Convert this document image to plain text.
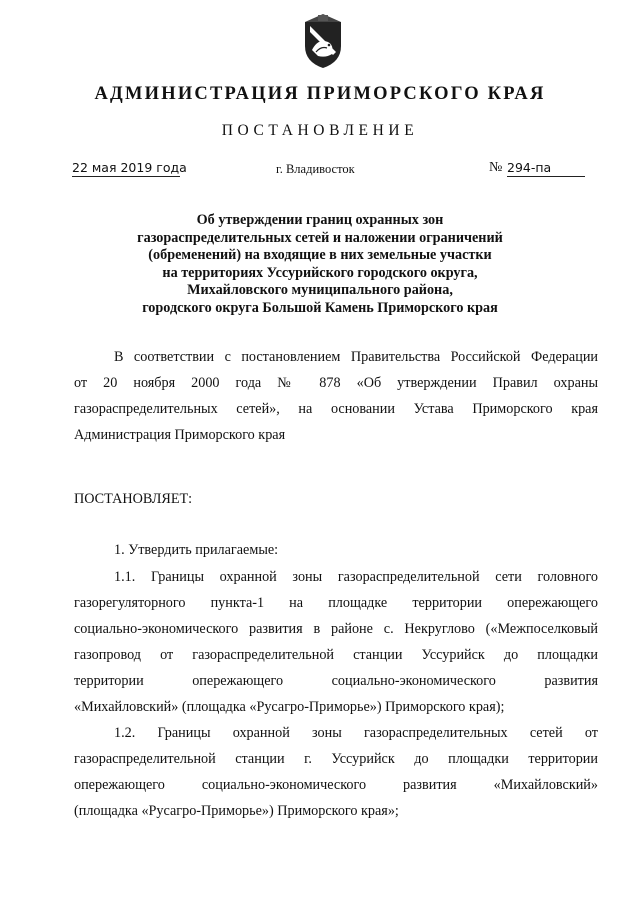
АДМИНИСТРАЦИЯ ПРИМОРСКОГО КРАЯ
ПОСТАНОВЛЕНИЕ
22 мая 2019 года	г. Владивосток	№ 294-па
Об утверждении границ охранных зон
газораспределительных сетей и наложении ограничений
(обременений) на входящие в них земельные участки
на территориях Уссурийского городского округа,
Михайловского муниципального района,
городского округа Большой Камень Приморского края
В соответствии с постановлением Правительства Российской Федерации
от 20 ноября 2000 года № 878 «Об утверждении Правил охраны
газораспределительных сетей», на основании Устава Приморского края
Администрация Приморского края
ПОСТАНОВЛЯЕТ:
1. Утвердить прилагаемые:
1.1. Границы охранной зоны газораспределительной сети головного
газорегуляторного пункта-1 на площадке территории опережающего
социально-экономического развития в районе с. Некруглово («Межпоселковый
газопровод от газораспределительной станции Уссурийск до площадки
территории опережающего социально-экономического развития
«Михайловский» (площадка «Русагро-Приморье») Приморского края);
1.2. Границы охранной зоны газораспределительных сетей от
газораспределительной станции г. Уссурийск до площадки территории
опережающего социально-экономического развития «Михайловский»
(площадка «Русагро-Приморье») Приморского края»;
